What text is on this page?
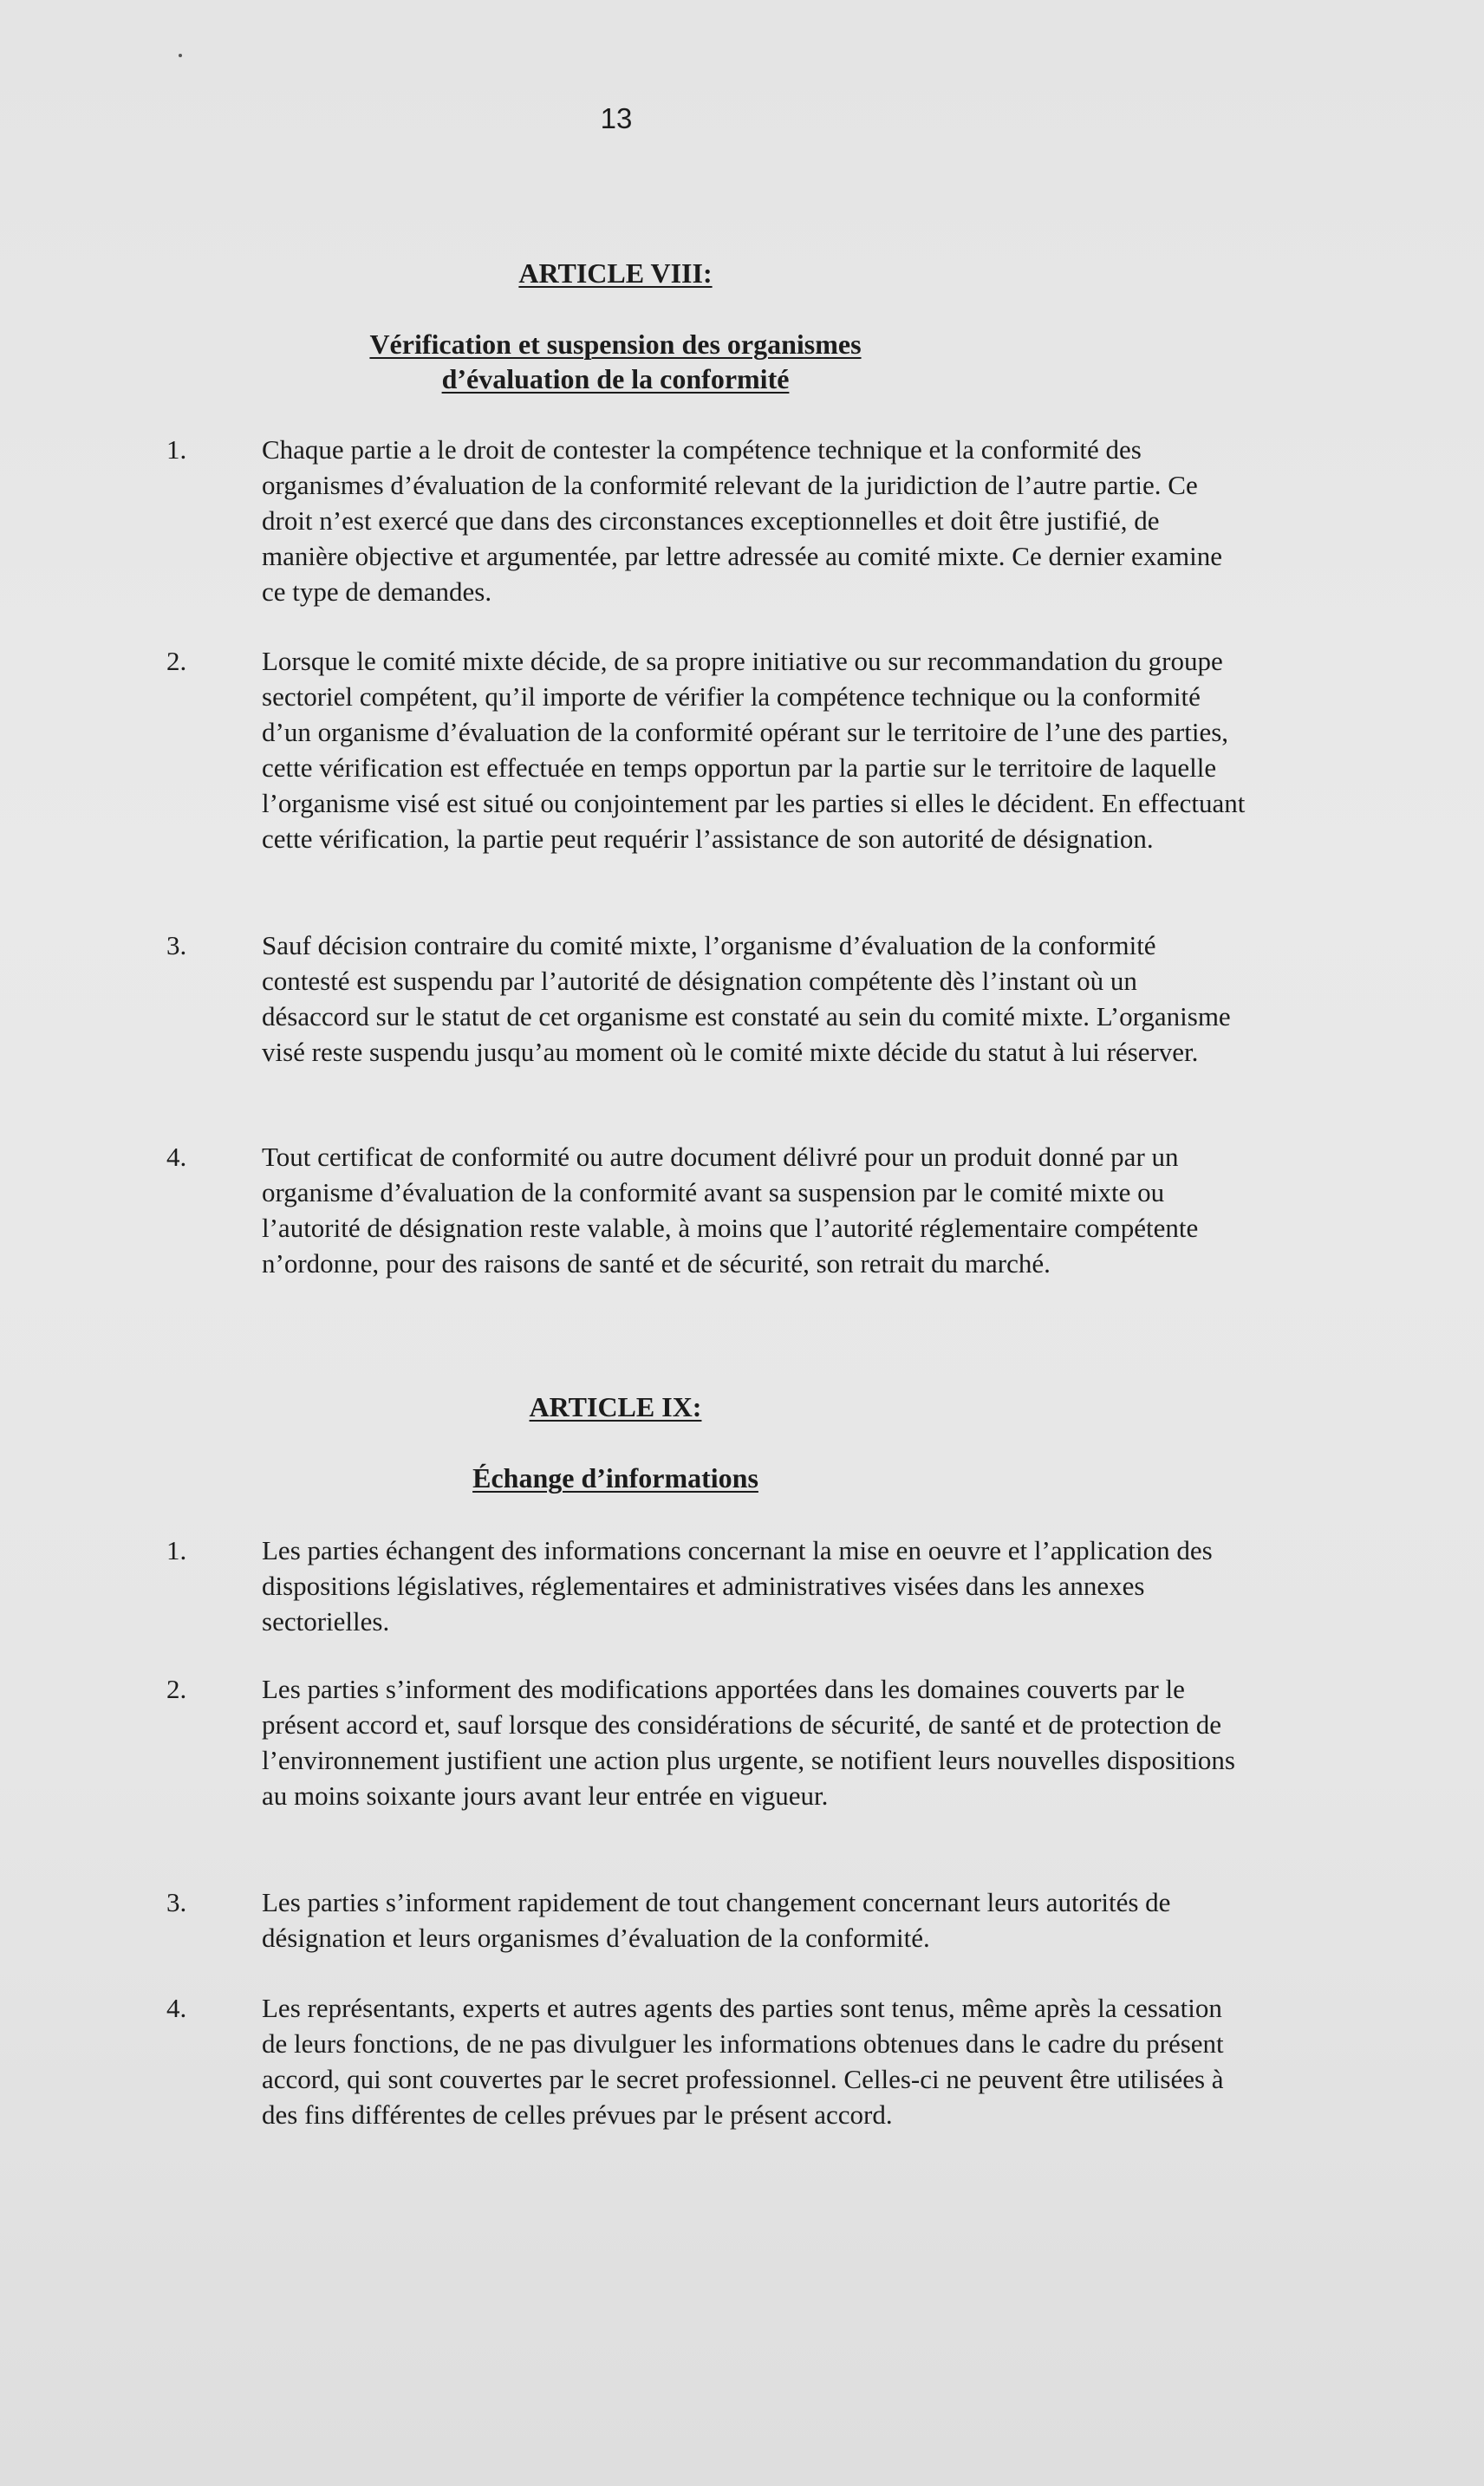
13
ARTICLE VIII:
Vérification et suspension des organismes
d’évaluation de la conformité
1.	Chaque partie a le droit de contester la compétence technique et la conformité des organismes d’évaluation de la conformité relevant de la juridiction de l’autre partie. Ce droit n’est exercé que dans des circonstances exceptionnelles et doit être justifié, de manière objective et argumentée, par lettre adressée au comité mixte. Ce dernier examine ce type de demandes.
2.	Lorsque le comité mixte décide, de sa propre initiative ou sur recommandation du groupe sectoriel compétent, qu’il importe de vérifier la compétence technique ou la conformité d’un organisme d’évaluation de la conformité opérant sur le territoire de l’une des parties, cette vérification est effectuée en temps opportun par la partie sur le territoire de laquelle l’organisme visé est situé ou conjointement par les parties si elles le décident. En effectuant cette vérification, la partie peut requérir l’assistance de son autorité de désignation.
3.	Sauf décision contraire du comité mixte, l’organisme d’évaluation de la conformité contesté est suspendu par l’autorité de désignation compétente dès l’instant où un désaccord sur le statut de cet organisme est constaté au sein du comité mixte. L’organisme visé reste suspendu jusqu’au moment où le comité mixte décide du statut à lui réserver.
4.	Tout certificat de conformité ou autre document délivré pour un produit donné par un organisme d’évaluation de la conformité avant sa suspension par le comité mixte ou l’autorité de désignation reste valable, à moins que l’autorité réglementaire compétente n’ordonne, pour des raisons de santé et de sécurité, son retrait du marché.
ARTICLE IX:
Échange d’informations
1.	Les parties échangent des informations concernant la mise en oeuvre et l’application des dispositions législatives, réglementaires et administratives visées dans les annexes sectorielles.
2.	Les parties s’informent des modifications apportées dans les domaines couverts par le présent accord et, sauf lorsque des considérations de sécurité, de santé et de protection de l’environnement justifient une action plus urgente, se notifient leurs nouvelles dispositions au moins soixante jours avant leur entrée en vigueur.
3.	Les parties s’informent rapidement de tout changement concernant leurs autorités de désignation et leurs organismes d’évaluation de la conformité.
4.	Les représentants, experts et autres agents des parties sont tenus, même après la cessation de leurs fonctions, de ne pas divulguer les informations obtenues dans le cadre du présent accord, qui sont couvertes par le secret professionnel. Celles-ci ne peuvent être utilisées à des fins différentes de celles prévues par le présent accord.
